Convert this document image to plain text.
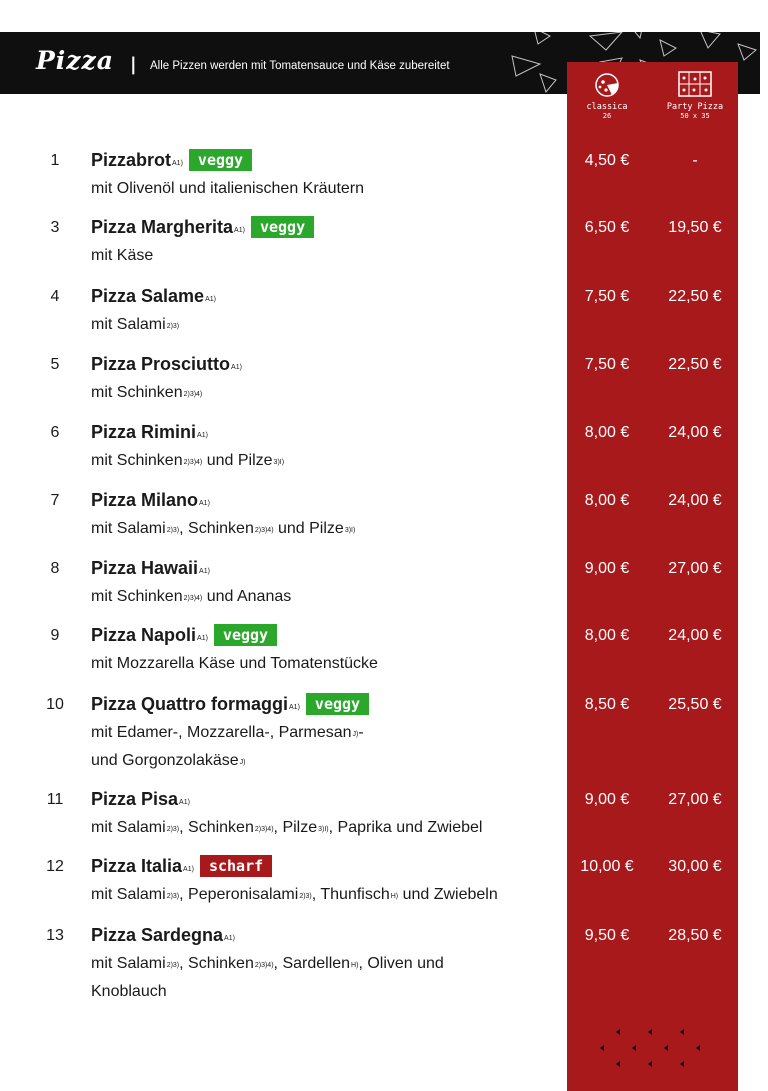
Pizza | Alle Pizzen werden mit Tomatensauce und Käse zubereitet
classica
26
Party Pizza
50 x 35
1	Pizzabrot$^{A1)}$ veggy
mit Olivenöl und italienischen Kräutern
4,50 €	-
3	Pizza Margherita$^{A1)}$ veggy
mit Käse
6,50 €	19,50 €
4	Pizza Salame$^{A1)}$
mit Salami$^{2)3)}$
7,50 €	22,50 €
5	Pizza Prosciutto$^{A1)}$
mit Schinken$^{2)3)4)}$
7,50 €	22,50 €
6	Pizza Rimini$^{A1)}$
mit Schinken$^{2)3)4)}$ und Pilze$^{3)I)}$
8,00 €	24,00 €
7	Pizza Milano$^{A1)}$
mit Salami$^{2)3)}$, Schinken$^{2)3)4)}$ und Pilze$^{3)I)}$
8,00 €	24,00 €
8	Pizza Hawaii$^{A1)}$
mit Schinken$^{2)3)4)}$ und Ananas
9,00 €	27,00 €
9	Pizza Napoli$^{A1)}$ veggy
mit Mozzarella Käse und Tomatenstücke
8,00 €	24,00 €
10 Pizza Quattro formaggi$^{A1)}$ veggy
mit Edamer-, Mozzarella-, Parmesan$^{J)}$-
und Gorgonzolakäse$^{J)}$
8,50 €	25,50 €
11 Pizza Pisa$^{A1)}$
mit Salami$^{2)3)}$, Schinken$^{2)3)4)}$, Pilze$^{3)I)}$, Paprika und Zwiebel
9,00 €	27,00 €
12 Pizza Italia$^{A1)}$ scharf
mit Salami$^{2)3)}$, Peperonisalami$^{2)3)}$, Thunfisch$^{H)}$ und Zwiebeln
10,00 €	30,00 €
13 Pizza Sardegna$^{A1)}$
mit Salami$^{2)3)}$, Schinken$^{2)3)4)}$, Sardellen$^{H)}$, Oliven und
Knoblauch
9,50 €	28,50 €
